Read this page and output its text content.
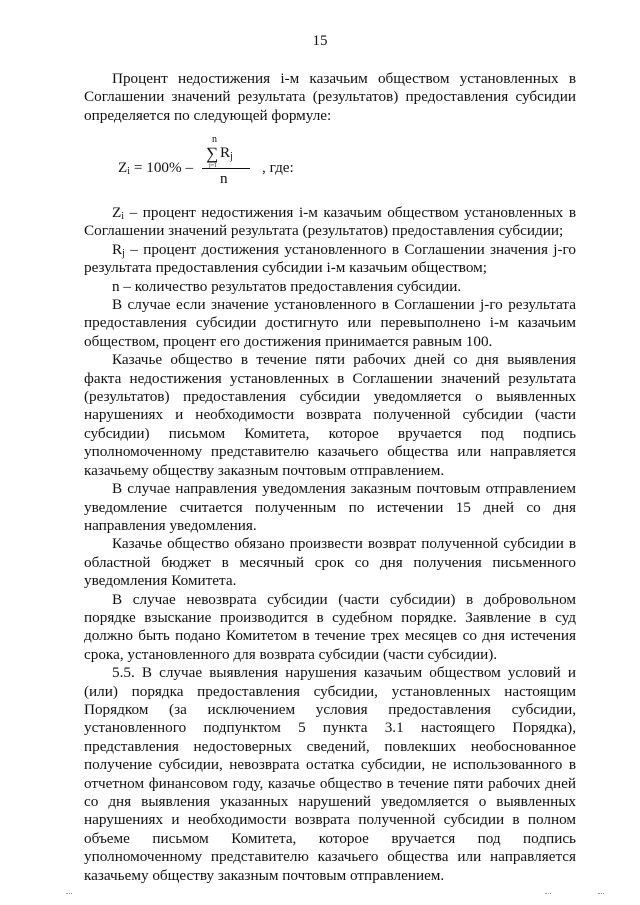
15

Процент недостижения i-м казачьим обществом установленных в Соглашении значений результата (результатов) предоставления субсидии определяется по следующей формуле:

$Z_i = 100\%$ –
n
∑ $R_j$
j=1
n
, где:

$Z_i$ – процент недостижения i-м казачьим обществом установленных в Соглашении значений результата (результатов) предоставления субсидии;

$R_j$ – процент достижения установленного в Соглашении значения j-го результата предоставления субсидии i-м казачьим обществом;

n – количество результатов предоставления субсидии.

В случае если значение установленного в Соглашении j-го результата предоставления субсидии достигнуто или перевыполнено i-м казачьим обществом, процент его достижения принимается равным 100.

Казачье общество в течение пяти рабочих дней со дня выявления факта недостижения установленных в Соглашении значений результата (результатов) предоставления субсидии уведомляется о выявленных нарушениях и необходимости возврата полученной субсидии (части субсидии) письмом Комитета, которое вручается под подпись уполномоченному представителю казачьего общества или направляется казачьему обществу заказным почтовым отправлением.

В случае направления уведомления заказным почтовым отправлением уведомление считается полученным по истечении 15 дней со дня направления уведомления.

Казачье общество обязано произвести возврат полученной субсидии в областной бюджет в месячный срок со дня получения письменного уведомления Комитета.

В случае невозврата субсидии (части субсидии) в добровольном порядке взыскание производится в судебном порядке. Заявление в суд должно быть подано Комитетом в течение трех месяцев со дня истечения срока, установленного для возврата субсидии (части субсидии).

5.5. В случае выявления нарушения казачьим обществом условий и (или) порядка предоставления субсидии, установленных настоящим Порядком (за исключением условия предоставления субсидии, установленного подпунктом 5 пункта 3.1 настоящего Порядка), представления недостоверных сведений, повлекших необоснованное получение субсидии, невозврата остатка субсидии, не использованного в отчетном финансовом году, казачье общество в течение пяти рабочих дней со дня выявления указанных нарушений уведомляется о выявленных нарушениях и необходимости возврата полученной субсидии в полном объеме письмом Комитета, которое вручается под подпись уполномоченному представителю казачьего общества или направляется казачьему обществу заказным почтовым отправлением.
